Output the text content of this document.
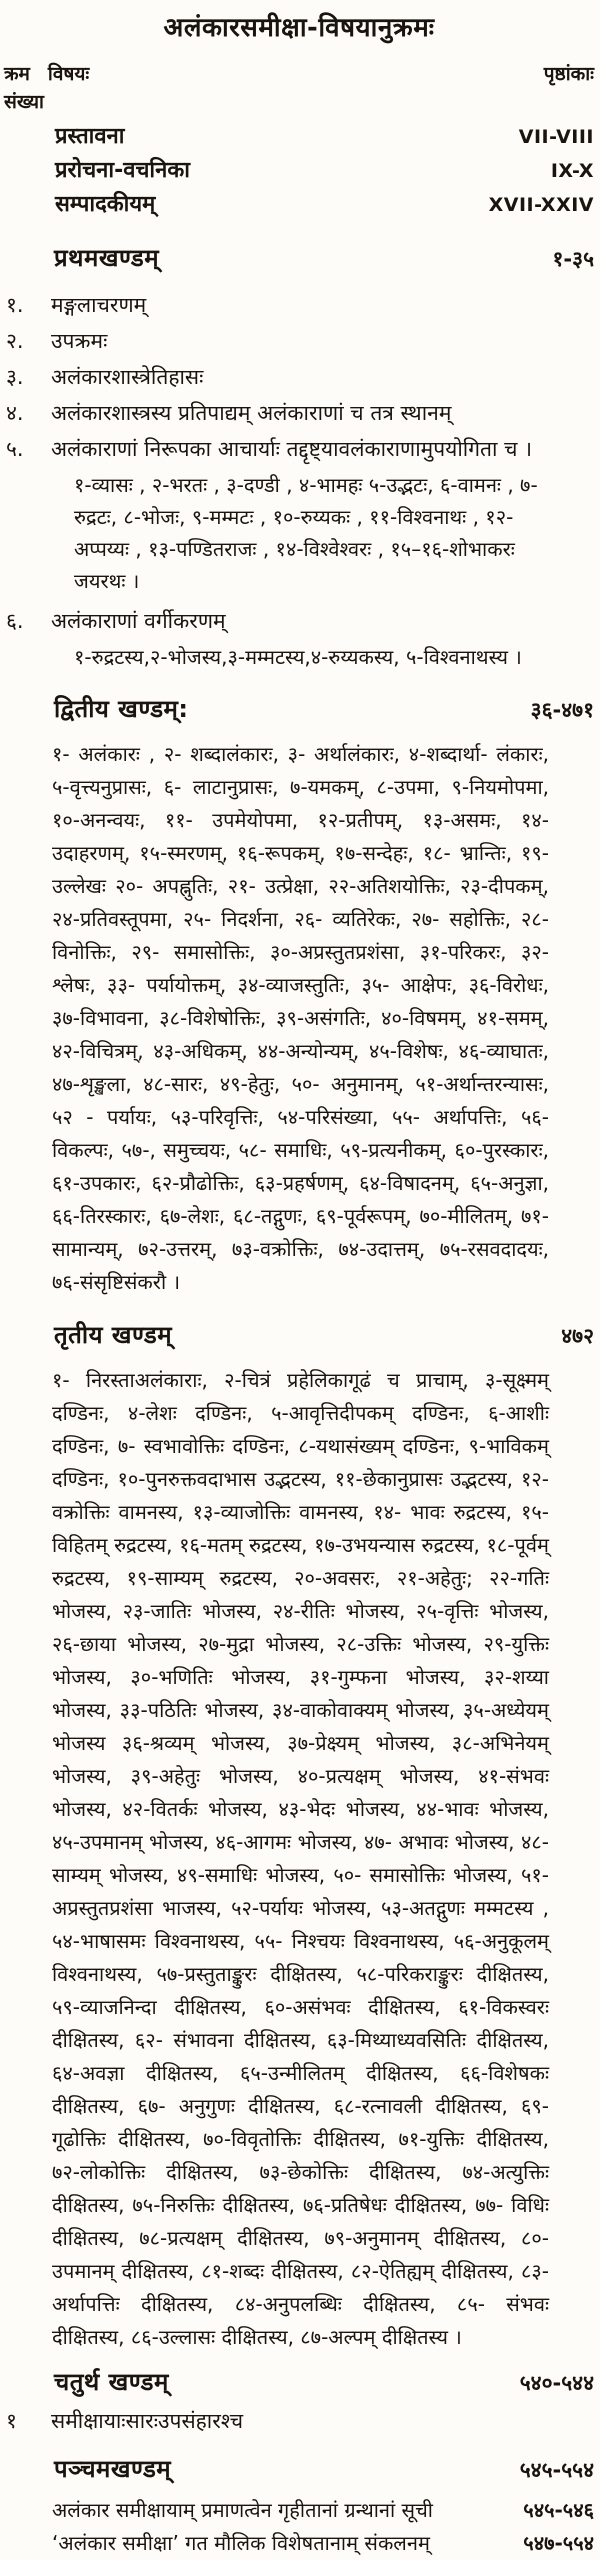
अलंकारसमीक्षा-विषयानुक्रमः
क्रम विषयः	पृष्ठांकाः
संख्या
प्रस्तावना	VII-VIII
प्ररोचना-वचनिका	IX-X
सम्पादकीयम्	XVII-XXIV
प्रथमखण्डम्	१-३५
१.	मङ्गलाचरणम्
२.	उपक्रमः
३.	अलंकारशास्त्रेतिहासः
४.	अलंकारशास्त्रस्य प्रतिपाद्यम् अलंकाराणां च तत्र स्थानम्
५.	अलंकाराणां निरूपका आचार्याः तद्दृष्ट्यावलंकाराणामुपयोगिता च ।
१-व्यासः , २-भरतः , ३-दण्डी , ४-भामहः ५-उद्भटः, ६-वामनः , ७-रुद्रटः, ८-भोजः, ९-मम्मटः , १०-रुय्यकः , ११-विश्वनाथः , १२- अप्पय्यः , १३-पण्डितराजः , १४-विश्वेश्वरः , १५–१६-शोभाकरः जयरथः ।
६.	अलंकाराणां वर्गीकरणम्
१-रुद्रटस्य,२-भोजस्य,३-मम्मटस्य,४-रुय्यकस्य, ५-विश्वनाथस्य ।
द्वितीय खण्डम्:	३६-४७१
१- अलंकारः , २- शब्दालंकारः, ३- अर्थालंकारः, ४-शब्दार्था- लंकारः, ५-वृत्त्यनुप्रासः, ६- लाटानुप्रासः, ७-यमकम्, ८-उपमा, ९-नियमोपमा, १०-अनन्वयः, ११- उपमेयोपमा, १२-प्रतीपम्, १३-असमः, १४-उदाहरणम्, १५-स्मरणम्, १६-रूपकम्, १७-सन्देहः, १८- भ्रान्तिः, १९- उल्लेखः २०- अपह्नुतिः, २१- उत्प्रेक्षा, २२-अतिशयोक्तिः, २३-दीपकम्, २४-प्रतिवस्तूपमा, २५- निदर्शना, २६- व्यतिरेकः, २७- सहोक्तिः, २८- विनोक्तिः, २९- समासोक्तिः, ३०-अप्रस्तुतप्रशंसा, ३१-परिकरः, ३२-श्लेषः, ३३- पर्यायोक्तम्, ३४-व्याजस्तुतिः, ३५- आक्षेपः, ३६-विरोधः, ३७-विभावना, ३८-विशेषोक्तिः, ३९-असंगतिः, ४०-विषमम्, ४१-समम्, ४२-विचित्रम्, ४३-अधिकम्, ४४-अन्योन्यम्, ४५-विशेषः, ४६-व्याघातः, ४७-शृङ्खला, ४८-सारः, ४९-हेतुः, ५०- अनुमानम्, ५१-अर्थान्तरन्यासः, ५२ - पर्यायः, ५३-परिवृत्तिः, ५४-परिसंख्या, ५५- अर्थापत्तिः, ५६-विकल्पः, ५७-, समुच्चयः, ५८- समाधिः, ५९-प्रत्यनीकम्, ६०-पुरस्कारः, ६१-उपकारः, ६२-प्रौढोक्तिः, ६३-प्रहर्षणम्, ६४-विषादनम्, ६५-अनुज्ञा, ६६-तिरस्कारः, ६७-लेशः, ६८-तद्गुणः, ६९-पूर्वरूपम्, ७०-मीलितम्, ७१-सामान्यम्, ७२-उत्तरम्, ७३-वक्रोक्तिः, ७४-उदात्तम्, ७५-रसवदादयः, ७६-संसृष्टिसंकरौ ।
तृतीय खण्डम्	४७२
१- निरस्ताअलंकाराः, २-चित्रं प्रहेलिकागूढं च प्राचाम्, ३-सूक्ष्मम् दण्डिनः, ४-लेशः दण्डिनः, ५-आवृत्तिदीपकम् दण्डिनः, ६-आशीः दण्डिनः, ७- स्वभावोक्तिः दण्डिनः, ८-यथासंख्यम् दण्डिनः, ९-भाविकम् दण्डिनः, १०-पुनरुक्तवदाभास उद्भटस्य, ११-छेकानुप्रासः उद्भटस्य, १२-वक्रोक्तिः वामनस्य, १३-व्याजोक्तिः वामनस्य, १४- भावः रुद्रटस्य, १५-विहितम् रुद्रटस्य, १६-मतम् रुद्रटस्य, १७-उभयन्यास रुद्रटस्य, १८-पूर्वम् रुद्रटस्य, १९-साम्यम् रुद्रटस्य, २०-अवसरः, २१-अहेतुः; २२-गतिः भोजस्य, २३-जातिः भोजस्य, २४-रीतिः भोजस्य, २५-वृत्तिः भोजस्य, २६-छाया भोजस्य, २७-मुद्रा भोजस्य, २८-उक्तिः भोजस्य, २९-युक्तिः भोजस्य, ३०-भणितिः भोजस्य, ३१-गुम्फना भोजस्य, ३२-शय्या भोजस्य, ३३-पठितिः भोजस्य, ३४-वाकोवाक्यम् भोजस्य, ३५-अध्येयम् भोजस्य ३६-श्रव्यम् भोजस्य, ३७-प्रेक्ष्यम् भोजस्य, ३८-अभिनेयम् भोजस्य, ३९-अहेतुः भोजस्य, ४०-प्रत्यक्षम् भोजस्य, ४१-संभवः भोजस्य, ४२-वितर्कः भोजस्य, ४३-भेदः भोजस्य, ४४-भावः भोजस्य, ४५-उपमानम् भोजस्य, ४६-आगमः भोजस्य, ४७- अभावः भोजस्य, ४८-साम्यम् भोजस्य, ४९-समाधिः भोजस्य, ५०- समासोक्तिः भोजस्य, ५१-अप्रस्तुतप्रशंसा भाजस्य, ५२-पर्यायः भोजस्य, ५३-अतद्गुणः मम्मटस्य , ५४-भाषासमः विश्वनाथस्य, ५५- निश्चयः विश्वनाथस्य, ५६-अनुकूलम् विश्वनाथस्य, ५७-प्रस्तुताङ्कुरः दीक्षितस्य, ५८-परिकराङ्कुरः दीक्षितस्य, ५९-व्याजनिन्दा दीक्षितस्य, ६०-असंभवः दीक्षितस्य, ६१-विकस्वरः दीक्षितस्य, ६२- संभावना दीक्षितस्य, ६३-मिथ्याध्यवसितिः दीक्षितस्य, ६४-अवज्ञा दीक्षितस्य, ६५-उन्मीलितम् दीक्षितस्य, ६६-विशेषकः दीक्षितस्य, ६७- अनुगुणः दीक्षितस्य, ६८-रत्नावली दीक्षितस्य, ६९-गूढोक्तिः दीक्षितस्य, ७०-विवृतोक्तिः दीक्षितस्य, ७१-युक्तिः दीक्षितस्य, ७२-लोकोक्तिः दीक्षितस्य, ७३-छेकोक्तिः दीक्षितस्य, ७४-अत्युक्तिः दीक्षितस्य, ७५-निरुक्तिः दीक्षितस्य, ७६-प्रतिषेधः दीक्षितस्य, ७७- विधिः दीक्षितस्य, ७८-प्रत्यक्षम् दीक्षितस्य, ७९-अनुमानम् दीक्षितस्य, ८०-उपमानम् दीक्षितस्य, ८१-शब्दः दीक्षितस्य, ८२-ऐतिह्यम् दीक्षितस्य, ८३-अर्थापत्तिः दीक्षितस्य, ८४-अनुपलब्धिः दीक्षितस्य, ८५- संभवः दीक्षितस्य, ८६-उल्लासः दीक्षितस्य, ८७-अल्पम् दीक्षितस्य ।
चतुर्थ खण्डम्	५४०-५४४
१	समीक्षायाःसारःउपसंहारश्च
पञ्चमखण्डम्	५४५-५५४
अलंकार समीक्षायाम् प्रमाणत्वेन गृहीतानां ग्रन्थानां सूची	५४५-५४६
‘अलंकार समीक्षा’ गत मौलिक विशेषतानाम् संकलनम्	५४७-५५४
